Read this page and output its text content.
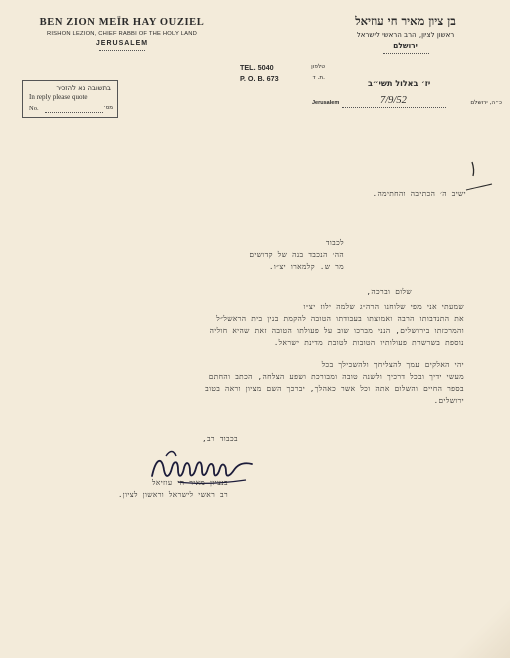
BEN ZION MEÏR HAY OUZIEL
RISHON LEZION, CHIEF RABBI OF THE HOLY LAND
JERUSALEM
בן ציון מאיר חי עוזיאל
ראשון לציון, הרב הראשי לישראל
ירושלם
בתשובה נא להזכיר
In reply please quote
No.	מס׳
TEL. 5040	טלפון
P. O. B. 673	ת. ד.
יז׳ באלול תשי״ב
Jerusalem	7/9/52	כ״ה, ירושלם
ישיב ה׳ הכתיבה והחתימה.
לכבוד
הה׳ הנכבד בנה של קדושים
מר ש. קלמארו יצ״ו.
שלום וברכה,
שמעתי אני מפי שלוחנו הרה״ג שלמה ילוז יצ״ו
את התנדבותו הרבה ואמוצתו בעבודתו הטובה להקמת בנין בית הראשל״ל
והמרכזתו בירושלים, הנני מברכו שוב על פעולתו הטובה זאת שהיא חוליה
נוספת בשרשרת פעולותיו הטובות לטובת מדינת ישראל.
יהי האלקים עמך להצליחך ולהשכילך בכל
מעשי ידיך ובכל דרכיך ולשנה טובה ומבורכת ושפע הצלחה, הכתב והחתם
בספר החיים והשלום אתה וכל אשר כאהלך, יברכך השם מציון וראה בטוב
ירושלים.
בכבוד רב,
בנציון מאיר חי עוזיאל
רב ראשי לישראל וראשון לציון.
